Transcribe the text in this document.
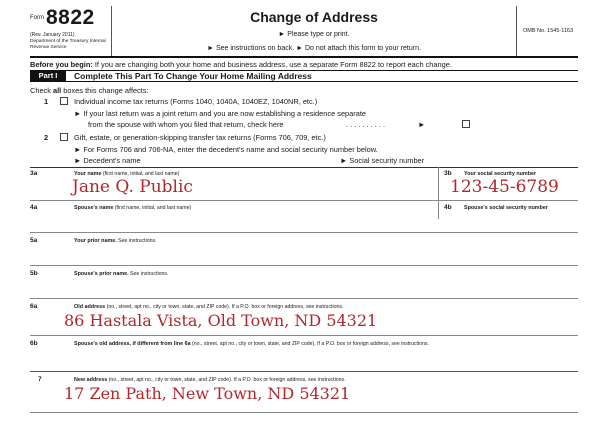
Form 8822
(Rev. January 2011)
Department of the Treasury Internal Revenue Service
Change of Address
► Please type or print.
► See instructions on back. ► Do not attach this form to your return.
OMB No. 1545-1163
Before you begin: If you are changing both your home and business address, use a separate Form 8822 to report each change.
Part I	Complete This Part To Change Your Home Mailing Address
Check all boxes this change affects:
1	Individual income tax returns (Forms 1040, 1040A, 1040EZ, 1040NR, etc.)
► If your last return was a joint return and you are now establishing a residence separate
from the spouse with whom you filed that return, check here	. . . . . . . . . .	►
2	Gift, estate, or generation-skipping transfer tax returns (Forms 706, 709, etc.)
► For Forms 706 and 706-NA, enter the decedent's name and social security number below.
► Decedent's name	► Social security number
3a	Your name (first name, initial, and last name)
Jane Q. Public
3b Your social security number
123-45-6789
4a	Spouse's name (first name, initial, and last name)	4b Spouse's social security number
5a	Your prior name. See instructions.
5b	Spouse's prior name. See instructions.
6a	Old address (no., street, apt no., city or town, state, and ZIP code). If a P.O. box or foreign address, see instructions.
86 Hastala Vista, Old Town, ND 54321
6b	Spouse's old address, if different from line 6a (no., street, apt no., city or town, state, and ZIP code). If a P.O. box or foreign address, see instructions.
7	New address (no., street, apt no., city or town, state, and ZIP code). If a P.O. box or foreign address, see instructions.
17 Zen Path, New Town, ND 54321
